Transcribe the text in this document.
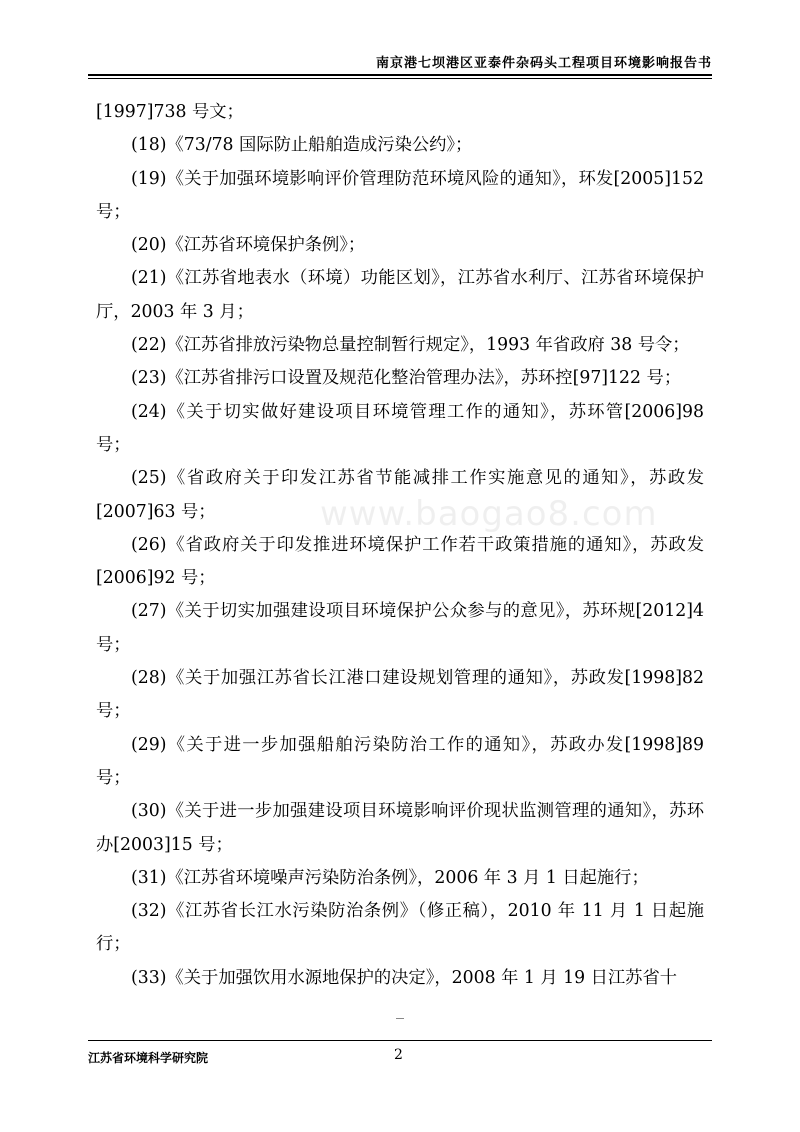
南京港七坝港区亚泰件杂码头工程项目环境影响报告书

[1997]738 号文；

(18)《73/78 国际防止船舶造成污染公约》；

(19)《关于加强环境影响评价管理防范环境风险的通知》，环发[2005]152 号；

(20)《江苏省环境保护条例》；

(21)《江苏省地表水（环境）功能区划》，江苏省水利厅、江苏省环境保护厅，2003 年 3 月；

(22)《江苏省排放污染物总量控制暂行规定》，1993 年省政府 38 号令；

(23)《江苏省排污口设置及规范化整治管理办法》，苏环控[97]122 号；

(24)《关于切实做好建设项目环境管理工作的通知》，苏环管[2006]98 号；

(25)《省政府关于印发江苏省节能减排工作实施意见的通知》，苏政发[2007]63 号；

(26)《省政府关于印发推进环境保护工作若干政策措施的通知》，苏政发[2006]92 号；

(27)《关于切实加强建设项目环境保护公众参与的意见》，苏环规[2012]4 号；

(28)《关于加强江苏省长江港口建设规划管理的通知》，苏政发[1998]82 号；

(29)《关于进一步加强船舶污染防治工作的通知》，苏政办发[1998]89 号；

(30)《关于进一步加强建设项目环境影响评价现状监测管理的通知》，苏环办[2003]15 号；

(31)《江苏省环境噪声污染防治条例》，2006 年 3 月 1 日起施行；

(32)《江苏省长江水污染防治条例》（修正稿），2010 年 11 月 1 日起施行；

(33)《关于加强饮用水源地保护的决定》，2008 年 1 月 19 日江苏省十

www.baogao8.com
江苏省环境科学研究院	2
